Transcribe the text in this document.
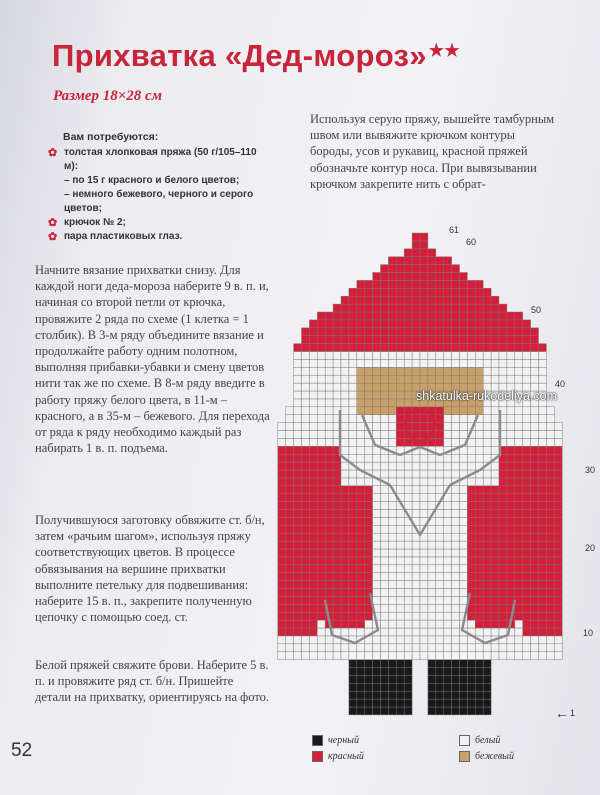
Прихватка «Дед-мороз» ★★
Размер 18×28 см
Вам потребуются:
✿ толстая хлопковая пряжа (50 г/105–110 м):
– по 15 г красного и белого цветов;
– немного бежевого, черного и серого цветов;
✿ крючок № 2;
✿ пара пластиковых глаз.

Начните вязание прихватки снизу. Для каждой ноги деда-мороза наберите 9 в. п. и, начиная со второй петли от крючка, провяжите 2 ряда по схеме (1 клетка = 1 столбик). В 3-м ряду объедините вязание и продолжайте работу одним полотном, выполняя прибавки-убавки и смену цветов нити так же по схеме. В 8-м ряду введите в работу пряжу белого цвета, в 11-м – красного, а в 35-м – бежевого. Для перехода от ряда к ряду необходимо каждый раз набирать 1 в. п. подъема.

Получившуюся заготовку обвяжите ст. б/н, затем «рачьим шагом», используя пряжу соответствующих цветов. В процессе обвязывания на вершине прихватки выполните петельку для подвешивания: наберите 15 в. п., закрепите полученную цепочку с помощью соед. ст.

Белой пряжей свяжите брови. Наберите 5 в. п. и провяжите ряд ст. б/н. Пришейте детали на прихватку, ориентируясь на фото.

Используя серую пряжу, вышейте тамбурным швом или вывяжите крючком контуры бороды, усов и рукавиц, красной пряжей обозначьте контур носа. При вывязывании крючком закрепите нить с обрат-

61
60
50
40
30
20
10
← 1
черный	белый
красный	бежевый
shkatulka-rukodeliya.com
52
